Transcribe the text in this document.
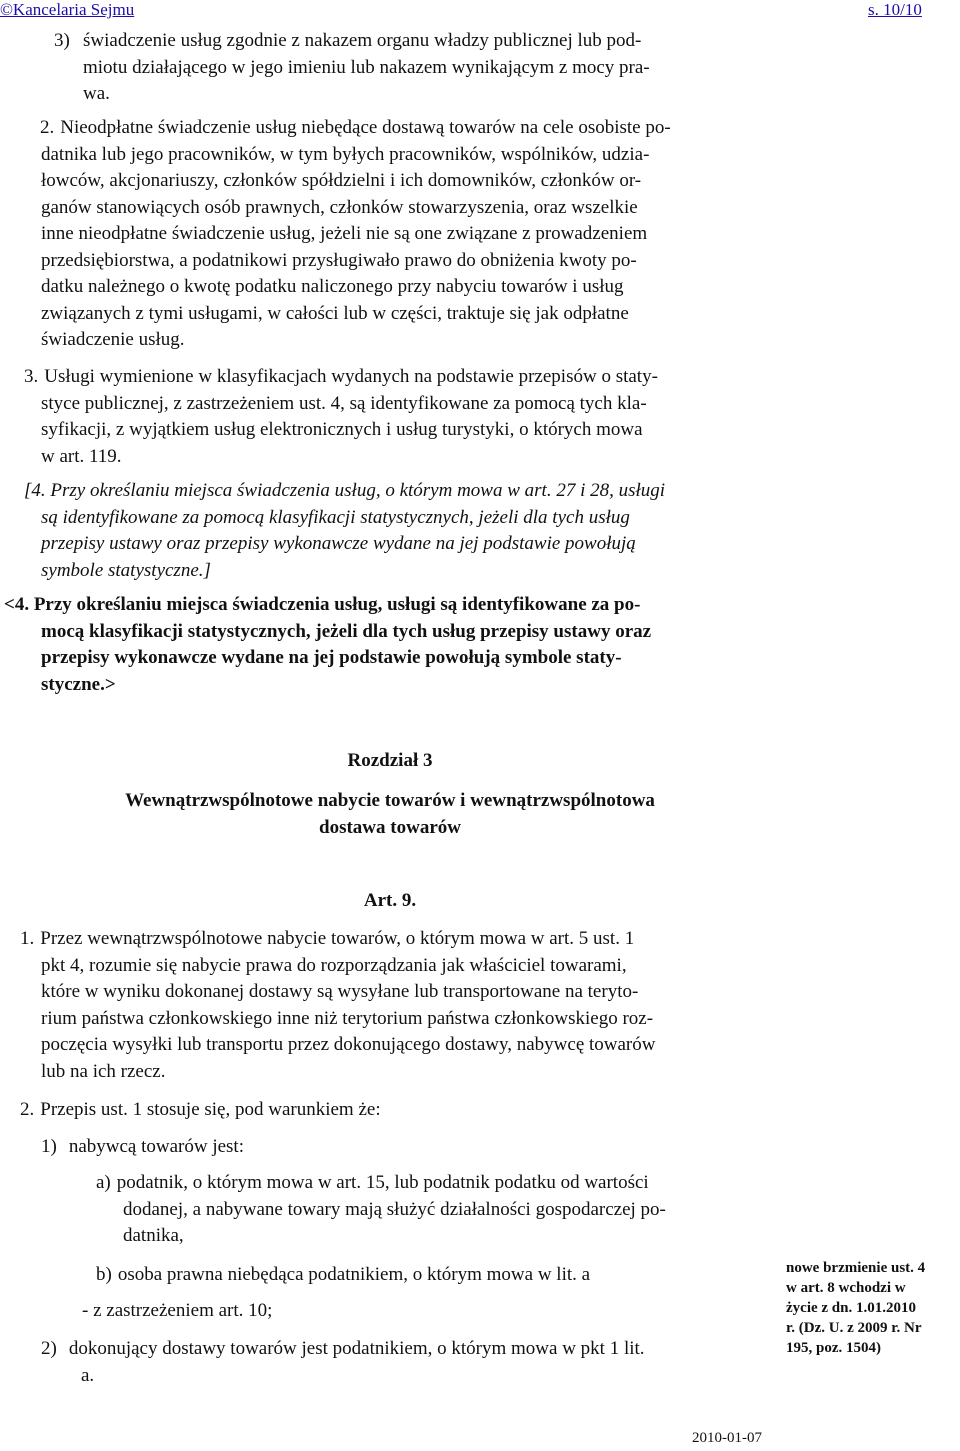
©Kancelaria Sejmu	s. 10/10
3) świadczenie usług zgodnie z nakazem organu władzy publicznej lub pod-
miotu działającego w jego imieniu lub nakazem wynikającym z mocy pra-
wa.
2. Nieodpłatne świadczenie usług niebędące dostawą towarów na cele osobiste po-
datnika lub jego pracowników, w tym byłych pracowników, wspólników, udzia-
łowców, akcjonariuszy, członków spółdzielni i ich domowników, członków or-
ganów stanowiących osób prawnych, członków stowarzyszenia, oraz wszelkie
inne nieodpłatne świadczenie usług, jeżeli nie są one związane z prowadzeniem
przedsiębiorstwa, a podatnikowi przysługiwało prawo do obniżenia kwoty po-
datku należnego o kwotę podatku naliczonego przy nabyciu towarów i usług
związanych z tymi usługami, w całości lub w części, traktuje się jak odpłatne
świadczenie usług.
3. Usługi wymienione w klasyfikacjach wydanych na podstawie przepisów o staty-
styce publicznej, z zastrzeżeniem ust. 4, są identyfikowane za pomocą tych kla-
syfikacji, z wyjątkiem usług elektronicznych i usług turystyki, o których mowa
w art. 119.
[4. Przy określaniu miejsca świadczenia usług, o którym mowa w art. 27 i 28, usługi
są identyfikowane za pomocą klasyfikacji statystycznych, jeżeli dla tych usług
przepisy ustawy oraz przepisy wykonawcze wydane na jej podstawie powołują
symbole statystyczne.]
<4. Przy określaniu miejsca świadczenia usług, usługi są identyfikowane za po-
mocą klasyfikacji statystycznych, jeżeli dla tych usług przepisy ustawy oraz
przepisy wykonawcze wydane na jej podstawie powołują symbole staty-
styczne.>
Rozdział 3
Wewnątrzwspólnotowe nabycie towarów i wewnątrzwspólnotowa
dostawa towarów
Art. 9.
1. Przez wewnątrzwspólnotowe nabycie towarów, o którym mowa w art. 5 ust. 1
pkt 4, rozumie się nabycie prawa do rozporządzania jak właściciel towarami,
które w wyniku dokonanej dostawy są wysyłane lub transportowane na teryto-
rium państwa członkowskiego inne niż terytorium państwa członkowskiego roz-
poczęcia wysyłki lub transportu przez dokonującego dostawy, nabywcę towarów
lub na ich rzecz.
2. Przepis ust. 1 stosuje się, pod warunkiem że:
1) nabywcą towarów jest:
a) podatnik, o którym mowa w art. 15, lub podatnik podatku od wartości
dodanej, a nabywane towary mają służyć działalności gospodarczej po-
datnika,
b) osoba prawna niebędąca podatnikiem, o którym mowa w lit. a
- z zastrzeżeniem art. 10;
2) dokonujący dostawy towarów jest podatnikiem, o którym mowa w pkt 1 lit.
a.
nowe brzmienie ust. 4
w art. 8 wchodzi w
życie z dn. 1.01.2010
r. (Dz. U. z 2009 r. Nr
195, poz. 1504)
2010-01-07
